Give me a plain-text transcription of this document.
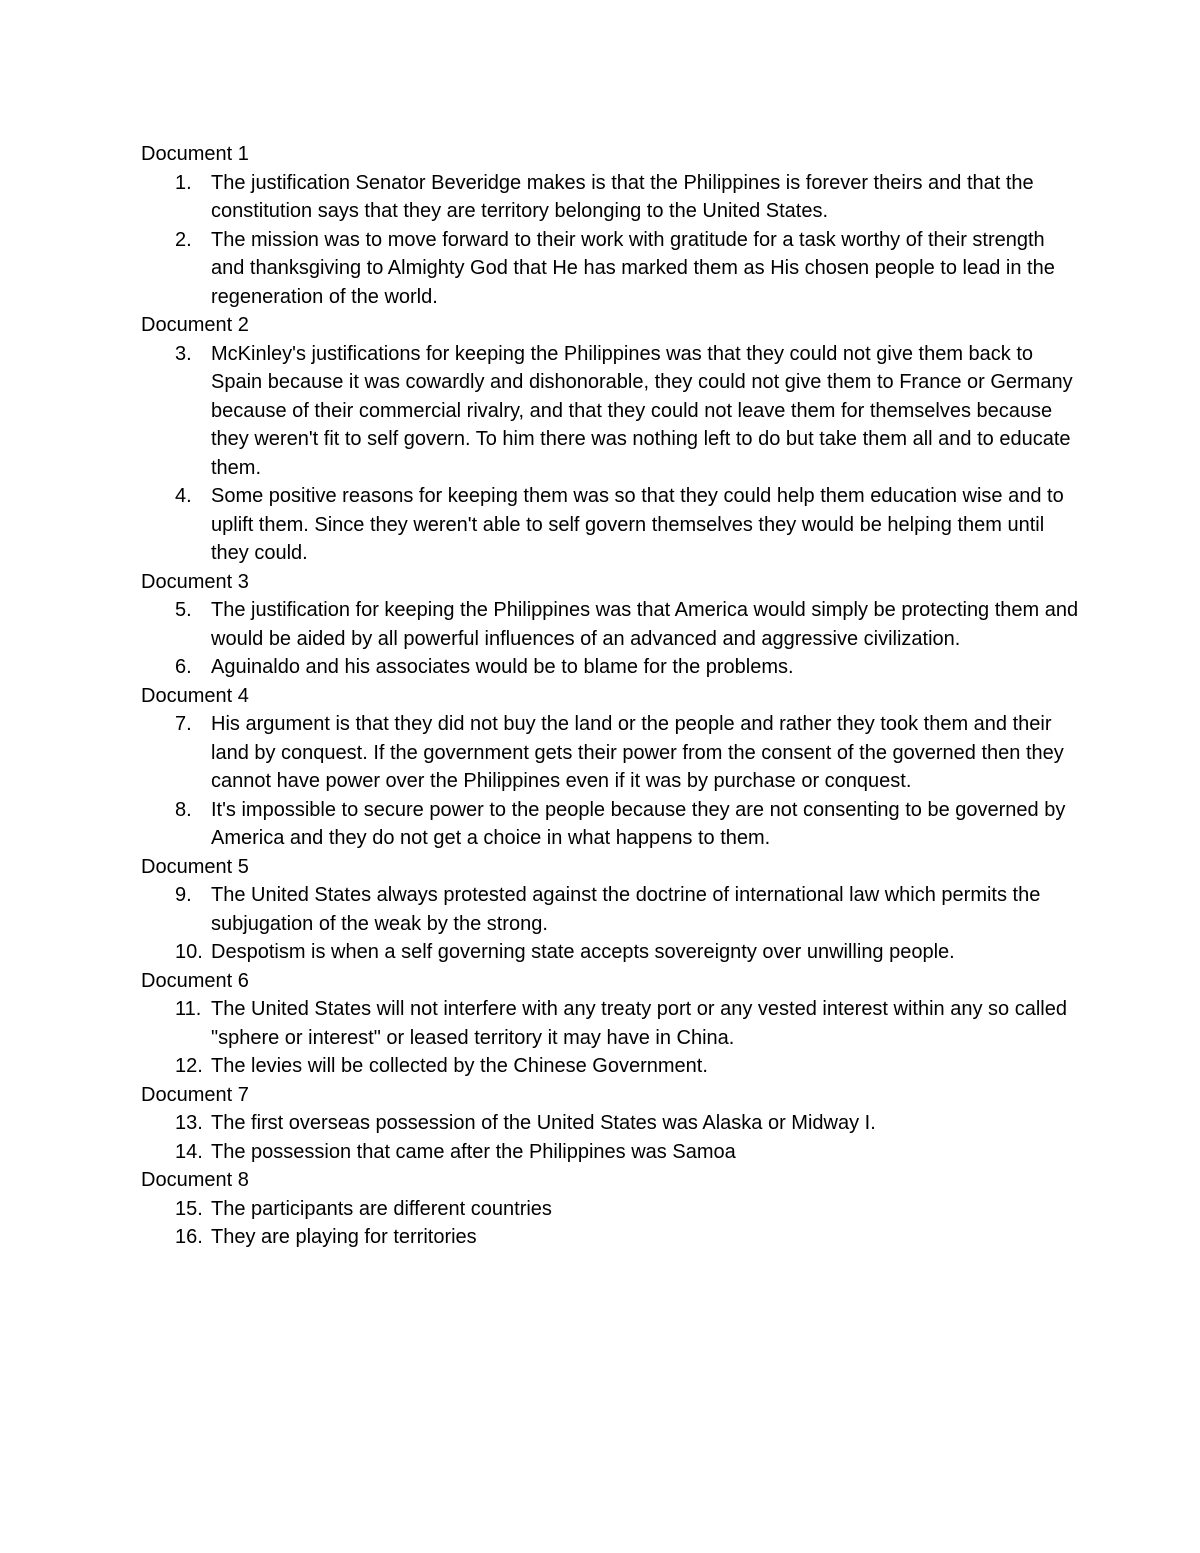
Document 1
1. The justification Senator Beveridge makes is that the Philippines is forever theirs and that the constitution says that they are territory belonging to the United States.
2. The mission was to move forward to their work with gratitude for a task worthy of their strength and thanksgiving to Almighty God that He has marked them as His chosen people to lead in the regeneration of the world.
Document 2
3. McKinley's justifications for keeping the Philippines was that they could not give them back to Spain because it was cowardly and dishonorable, they could not give them to France or Germany because of their commercial rivalry, and that they could not leave them for themselves because they weren't fit to self govern. To him there was nothing left to do but take them all and to educate them.
4. Some positive reasons for keeping them was so that they could help them education wise and to uplift them. Since they weren't able to self govern themselves they would be helping them until they could.
Document 3
5. The justification for keeping the Philippines was that America would simply be protecting them and would be aided by all powerful influences of an advanced and aggressive civilization.
6. Aguinaldo and his associates would be to blame for the problems.
Document 4
7. His argument is that they did not buy the land or the people and rather they took them and their land by conquest. If the government gets their power from the consent of the governed then they cannot have power over the Philippines even if it was by purchase or conquest.
8. It's impossible to secure power to the people because they are not consenting to be governed by America and they do not get a choice in what happens to them.
Document 5
9. The United States always protested against the doctrine of international law which permits the subjugation of the weak by the strong.
10. Despotism is when a self governing state accepts sovereignty over unwilling people.
Document 6
11. The United States will not interfere with any treaty port or any vested interest within any so called "sphere or interest" or leased territory it may have in China.
12. The levies will be collected by the Chinese Government.
Document 7
13. The first overseas possession of the United States was Alaska or Midway I.
14. The possession that came after the Philippines was Samoa
Document 8
15. The participants are different countries
16. They are playing for territories
